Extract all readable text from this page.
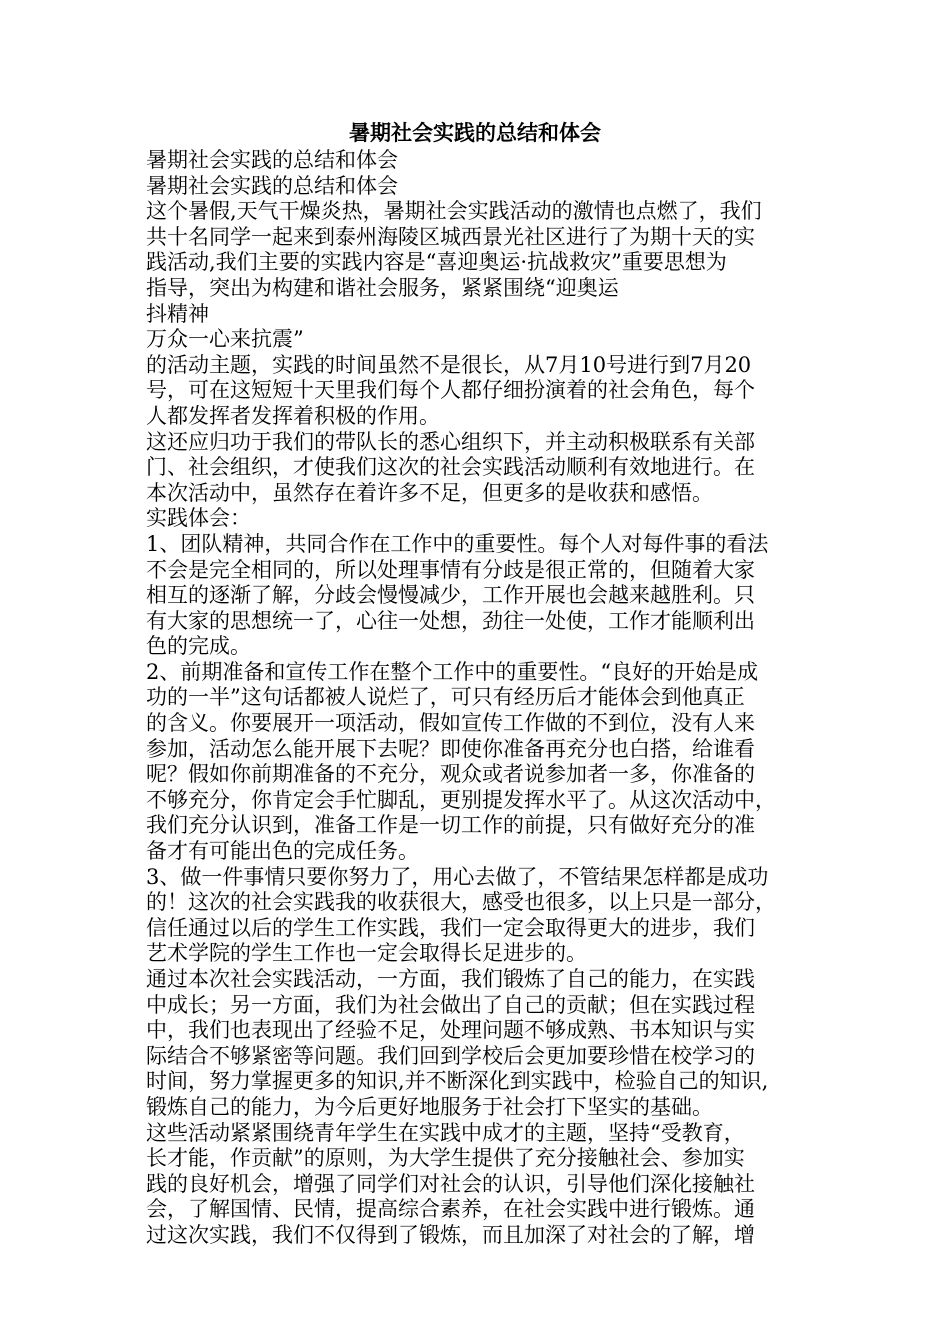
暑期社会实践的总结和体会
暑期社会实践的总结和体会
暑期社会实践的总结和体会
这个暑假,天气干燥炎热，暑期社会实践活动的激情也点燃了，我们
共十名同学一起来到泰州海陵区城西景光社区进行了为期十天的实
践活动,我们主要的实践内容是“喜迎奥运·抗战救灾”重要思想为
指导，突出为构建和谐社会服务，紧紧围绕“迎奥运
抖精神
万众一心来抗震”
的活动主题，实践的时间虽然不是很长，从7月10号进行到7月20
号，可在这短短十天里我们每个人都仔细扮演着的社会角色，每个
人都发挥者发挥着积极的作用。
这还应归功于我们的带队长的悉心组织下，并主动积极联系有关部
门、社会组织，才使我们这次的社会实践活动顺利有效地进行。在
本次活动中，虽然存在着许多不足，但更多的是收获和感悟。
实践体会：
1、团队精神，共同合作在工作中的重要性。每个人对每件事的看法
不会是完全相同的，所以处理事情有分歧是很正常的，但随着大家
相互的逐渐了解，分歧会慢慢减少，工作开展也会越来越胜利。只
有大家的思想统一了，心往一处想，劲往一处使，工作才能顺利出
色的完成。
2、前期准备和宣传工作在整个工作中的重要性。“良好的开始是成
功的一半”这句话都被人说烂了，可只有经历后才能体会到他真正
的含义。你要展开一项活动，假如宣传工作做的不到位，没有人来
参加，活动怎么能开展下去呢？即使你准备再充分也白搭，给谁看
呢？假如你前期准备的不充分，观众或者说参加者一多，你准备的
不够充分，你肯定会手忙脚乱，更别提发挥水平了。从这次活动中，
我们充分认识到，准备工作是一切工作的前提，只有做好充分的准
备才有可能出色的完成任务。
3、做一件事情只要你努力了，用心去做了，不管结果怎样都是成功
的！这次的社会实践我的收获很大，感受也很多，以上只是一部分，
信任通过以后的学生工作实践，我们一定会取得更大的进步，我们
艺术学院的学生工作也一定会取得长足进步的。
通过本次社会实践活动，一方面，我们锻炼了自己的能力，在实践
中成长；另一方面，我们为社会做出了自己的贡献；但在实践过程
中，我们也表现出了经验不足，处理问题不够成熟、书本知识与实
际结合不够紧密等问题。我们回到学校后会更加要珍惜在校学习的
时间，努力掌握更多的知识,并不断深化到实践中，检验自己的知识,
锻炼自己的能力，为今后更好地服务于社会打下坚实的基础。
这些活动紧紧围绕青年学生在实践中成才的主题，坚持“受教育，
长才能，作贡献”的原则，为大学生提供了充分接触社会、参加实
践的良好机会，增强了同学们对社会的认识，引导他们深化接触社
会，了解国情、民情，提高综合素养，在社会实践中进行锻炼。通
过这次实践，我们不仅得到了锻炼，而且加深了对社会的了解，增
